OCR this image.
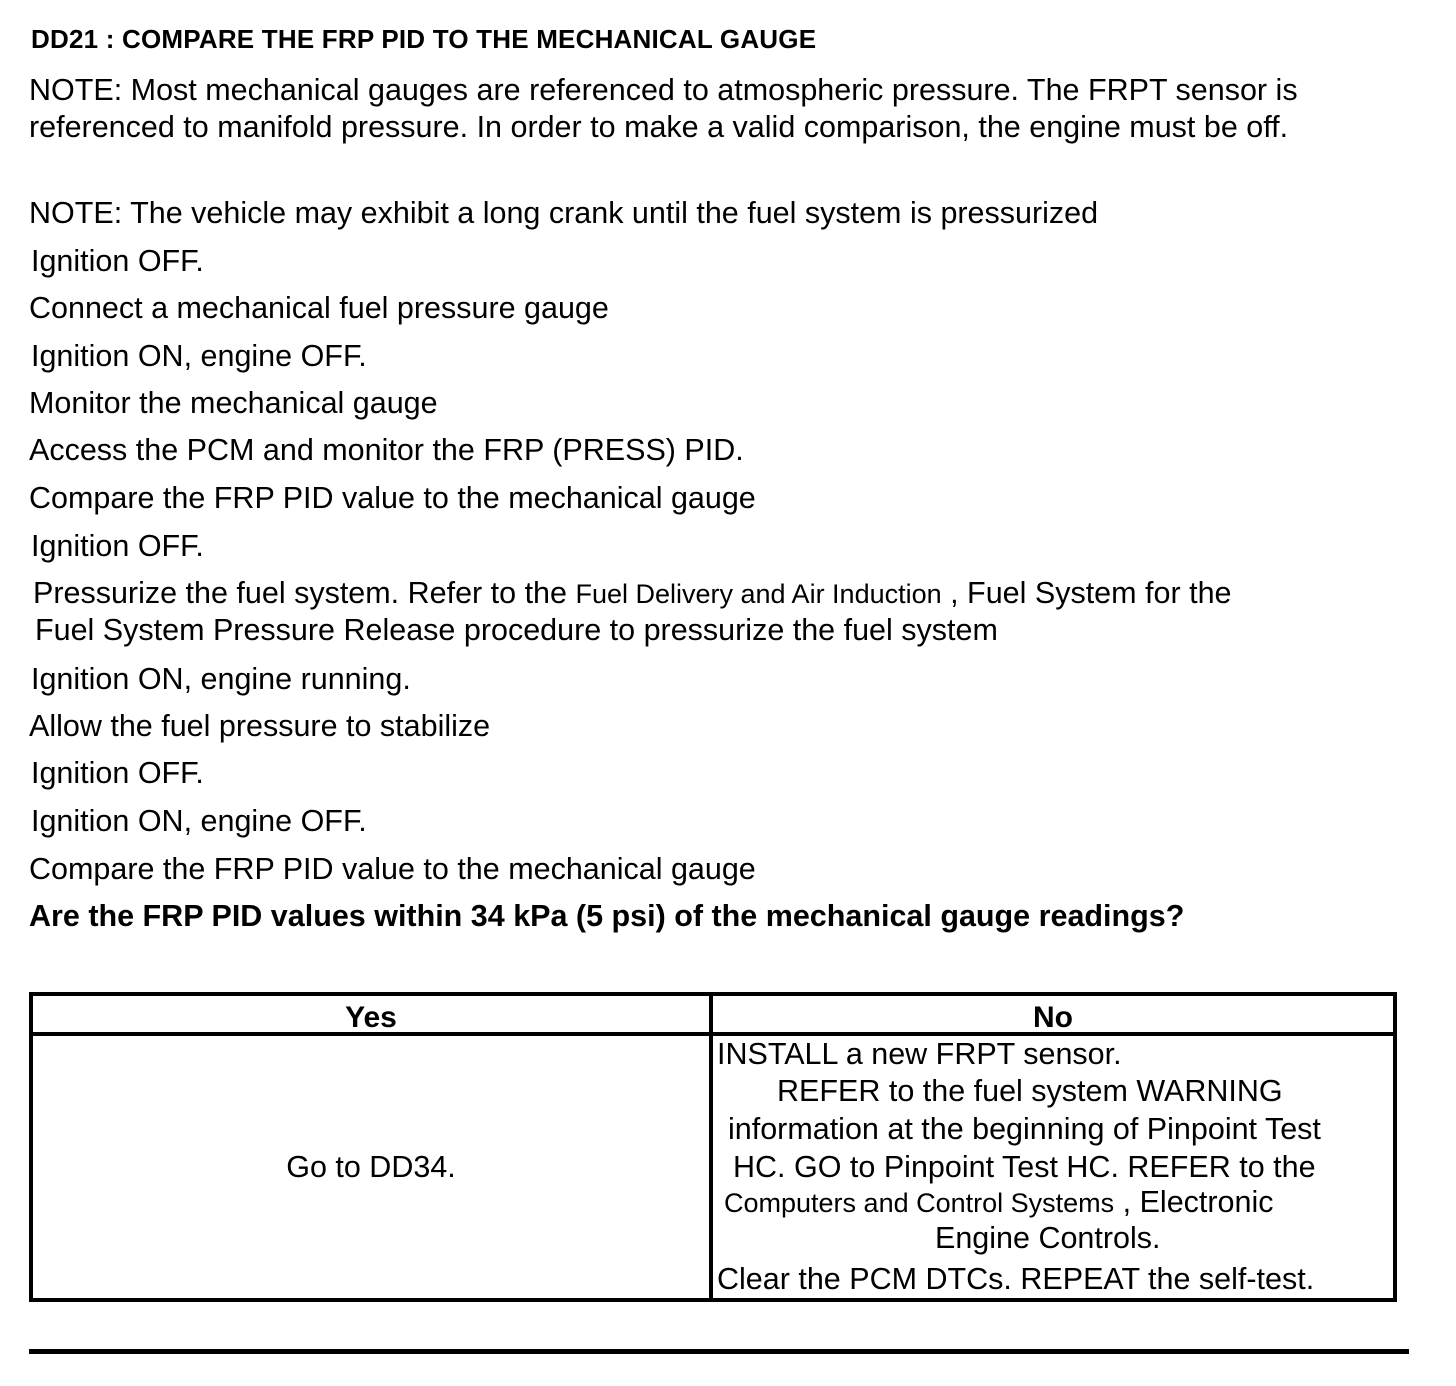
DD21 : COMPARE THE FRP PID TO THE MECHANICAL GAUGE
NOTE: Most mechanical gauges are referenced to atmospheric pressure. The FRPT sensor is referenced to manifold pressure. In order to make a valid comparison, the engine must be off.
NOTE: The vehicle may exhibit a long crank until the fuel system is pressurized
Ignition OFF.
Connect a mechanical fuel pressure gauge
Ignition ON, engine OFF.
Monitor the mechanical gauge
Access the PCM and monitor the FRP (PRESS) PID.
Compare the FRP PID value to the mechanical gauge
Ignition OFF.
Pressurize the fuel system. Refer to the Fuel Delivery and Air Induction , Fuel System for the
Fuel System Pressure Release procedure to pressurize the fuel system
Ignition ON, engine running.
Allow the fuel pressure to stabilize
Ignition OFF.
Ignition ON, engine OFF.
Compare the FRP PID value to the mechanical gauge
Are the FRP PID values within 34 kPa (5 psi) of the mechanical gauge readings?
Yes	No
Go to DD34.
INSTALL a new FRPT sensor.
REFER to the fuel system WARNING
information at the beginning of Pinpoint Test
HC. GO to Pinpoint Test HC. REFER to the
Computers and Control Systems , Electronic
Engine Controls.
Clear the PCM DTCs. REPEAT the self-test.
